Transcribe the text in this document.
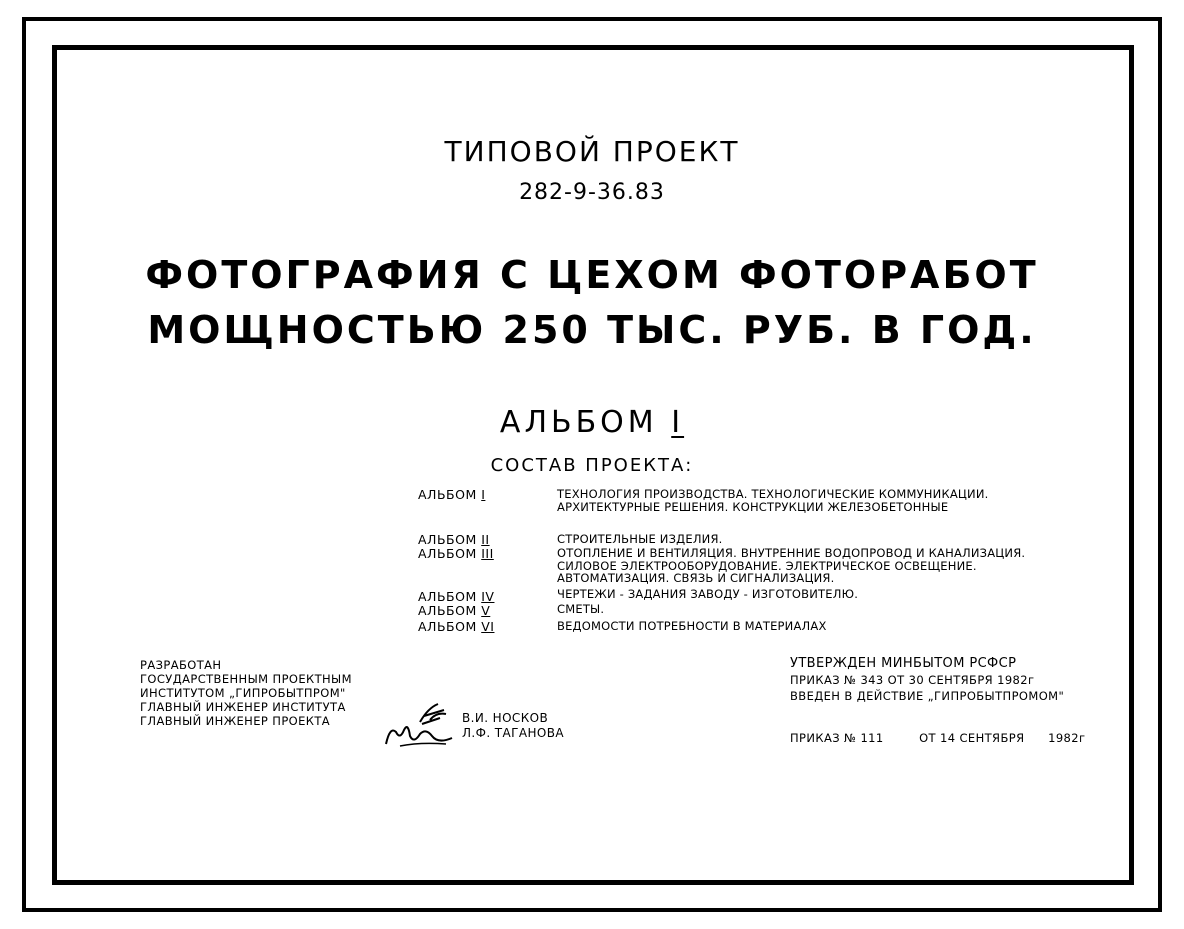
ТИПОВОЙ ПРОЕКТ
282-9-36.83
ФОТОГРАФИЯ С ЦЕХОМ ФОТОРАБОТ
МОЩНОСТЬЮ 250 ТЫС. РУБ. В ГОД.
АЛЬБОМ I
СОСТАВ ПРОЕКТА:
АЛЬБОМ I	ТЕХНОЛОГИЯ ПРОИЗВОДСТВА. ТЕХНОЛОГИЧЕСКИЕ КОММУНИКАЦИИ.
АРХИТЕКТУРНЫЕ РЕШЕНИЯ. КОНСТРУКЦИИ ЖЕЛЕЗОБЕТОННЫЕ
АЛЬБОМ II	СТРОИТЕЛЬНЫЕ ИЗДЕЛИЯ.
АЛЬБОМ III	ОТОПЛЕНИЕ И ВЕНТИЛЯЦИЯ. ВНУТРЕННИЕ ВОДОПРОВОД И КАНАЛИЗАЦИЯ.
СИЛОВОЕ ЭЛЕКТРООБОРУДОВАНИЕ. ЭЛЕКТРИЧЕСКОЕ ОСВЕЩЕНИЕ.
АВТОМАТИЗАЦИЯ. СВЯЗЬ И СИГНАЛИЗАЦИЯ.
АЛЬБОМ IV	ЧЕРТЕЖИ - ЗАДАНИЯ ЗАВОДУ - ИЗГОТОВИТЕЛЮ.
АЛЬБОМ V	СМЕТЫ.
АЛЬБОМ VI	ВЕДОМОСТИ ПОТРЕБНОСТИ В МАТЕРИАЛАХ
РАЗРАБОТАН
ГОСУДАРСТВЕННЫМ ПРОЕКТНЫМ
ИНСТИТУТОМ „ГИПРОБЫТПРОМ"
ГЛАВНЫЙ ИНЖЕНЕР ИНСТИТУТА
ГЛАВНЫЙ ИНЖЕНЕР ПРОЕКТА	В.И. НОСКОВ
Л.Ф. ТАГАНОВА
УТВЕРЖДЕН МИНБЫТОМ РСФСР
ПРИКАЗ № 343 ОТ 30 СЕНТЯБРЯ 1982г
ВВЕДЕН В ДЕЙСТВИЕ „ГИПРОБЫТПРОМОМ"
ПРИКАЗ № 111	ОТ 14 СЕНТЯБРЯ 1982г
